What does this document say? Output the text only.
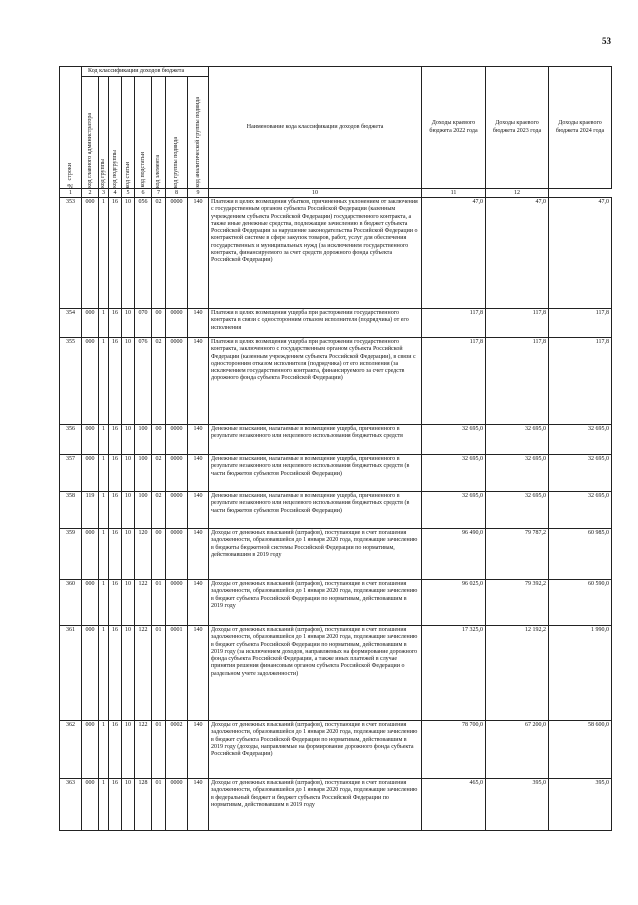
53
№ строки	Код классификации доходов бюджета								Наименование кода классификации доходов бюджета	Доходы краевого бюджета 2022 года	Доходы краевого бюджета 2023 года	Доходы краевого бюджета 2024 года

	код главного администратора	код группы	код подгруппы	код статьи	код подстатьи	код элемента	код группы подвида	код аналитической группы подвида				

1	2	3	4	5	6	7	8	9	10	11	12	
353	000	1	16	10	056	02	0000	140	Платежи в целях возмещения убытков, причиненных уклонением от заключения с государственным органом субъекта Российской Федерации (казенным учреждением субъекта Российской Федерации) государственного контракта, а также иные денежные средства, подлежащие зачислению в бюджет субъекта Российской Федерации за нарушение законодательства Российской Федерации о контрактной системе в сфере закупок товаров, работ, услуг для обеспечения государственных и муниципальных нужд (за исключением государственного контракта, финансируемого за счет средств дорожного фонда субъекта Российской Федерации)	47,0	47,0	47,0
354	000	1	16	10	070	00	0000	140	Платежи в целях возмещения ущерба при расторжении государственного контракта в связи с односторонним отказом исполнителя (подрядчика) от его исполнения	117,8	117,8	117,8
355	000	1	16	10	076	02	0000	140	Платежи в целях возмещения ущерба при расторжении государственного контракта, заключенного с государственным органом субъекта Российской Федерации (казенным учреждением субъекта Российской Федерации), в связи с односторонним отказом исполнителя (подрядчика) от его исполнения (за исключением государственного контракта, финансируемого за счет средств дорожного фонда субъекта Российской Федерации)	117,8	117,8	117,8
356	000	1	16	10	100	00	0000	140	Денежные взыскания, налагаемые в возмещение ущерба, причиненного в результате незаконного или нецелевого использования бюджетных средств	32 695,0	32 695,0	32 695,0
357	000	1	16	10	100	02	0000	140	Денежные взыскания, налагаемые в возмещение ущерба, причиненного в результате незаконного или нецелевого использования бюджетных средств (в части бюджетов субъектов Российской Федерации)	32 695,0	32 695,0	32 695,0
358	119	1	16	10	100	02	0000	140	Денежные взыскания, налагаемые в возмещение ущерба, причиненного в результате незаконного или нецелевого использования бюджетных средств (в части бюджетов субъектов Российской Федерации)	32 695,0	32 695,0	32 695,0
359	000	1	16	10	120	00	0000	140	Доходы от денежных взысканий (штрафов), поступающие в счет погашения задолженности, образовавшейся до 1 января 2020 года, подлежащие зачислению в бюджеты бюджетной системы Российской Федерации по нормативам, действовавшим в 2019 году	96 490,0	79 787,2	60 985,0
360	000	1	16	10	122	01	0000	140	Доходы от денежных взысканий (штрафов), поступающие в счет погашения задолженности, образовавшейся до 1 января 2020 года, подлежащие зачислению в бюджет субъекта Российской Федерации по нормативам, действовавшим в 2019 году	96 025,0	79 392,2	60 590,0
361	000	1	16	10	122	01	0001	140	Доходы от денежных взысканий (штрафов), поступающие в счет погашения задолженности, образовавшейся до 1 января 2020 года, подлежащие зачислению в бюджет субъекта Российской Федерации по нормативам, действовавшим в 2019 году (за исключением доходов, направляемых на формирование дорожного фонда субъекта Российской Федерации, а также иных платежей в случае принятия решения финансовым органом субъекта Российской Федерации о раздельном учете задолженности)	17 325,0	12 192,2	1 990,0
362	000	1	16	10	122	01	0002	140	Доходы от денежных взысканий (штрафов), поступающие в счет погашения задолженности, образовавшейся до 1 января 2020 года, подлежащие зачислению в бюджет субъекта Российской Федерации по нормативам, действовавшим в 2019 году (доходы, направляемые на формирование дорожного фонда субъекта Российской Федерации)	78 700,0	67 200,0	58 600,0
363	000	1	16	10	128	01	0000	140	Доходы от денежных взысканий (штрафов), поступающие в счет погашения задолженности, образовавшейся до 1 января 2020 года, подлежащие зачислению в федеральный бюджет и бюджет субъекта Российской Федерации по нормативам, действовавшим в 2019 году	465,0	395,0	395,0
